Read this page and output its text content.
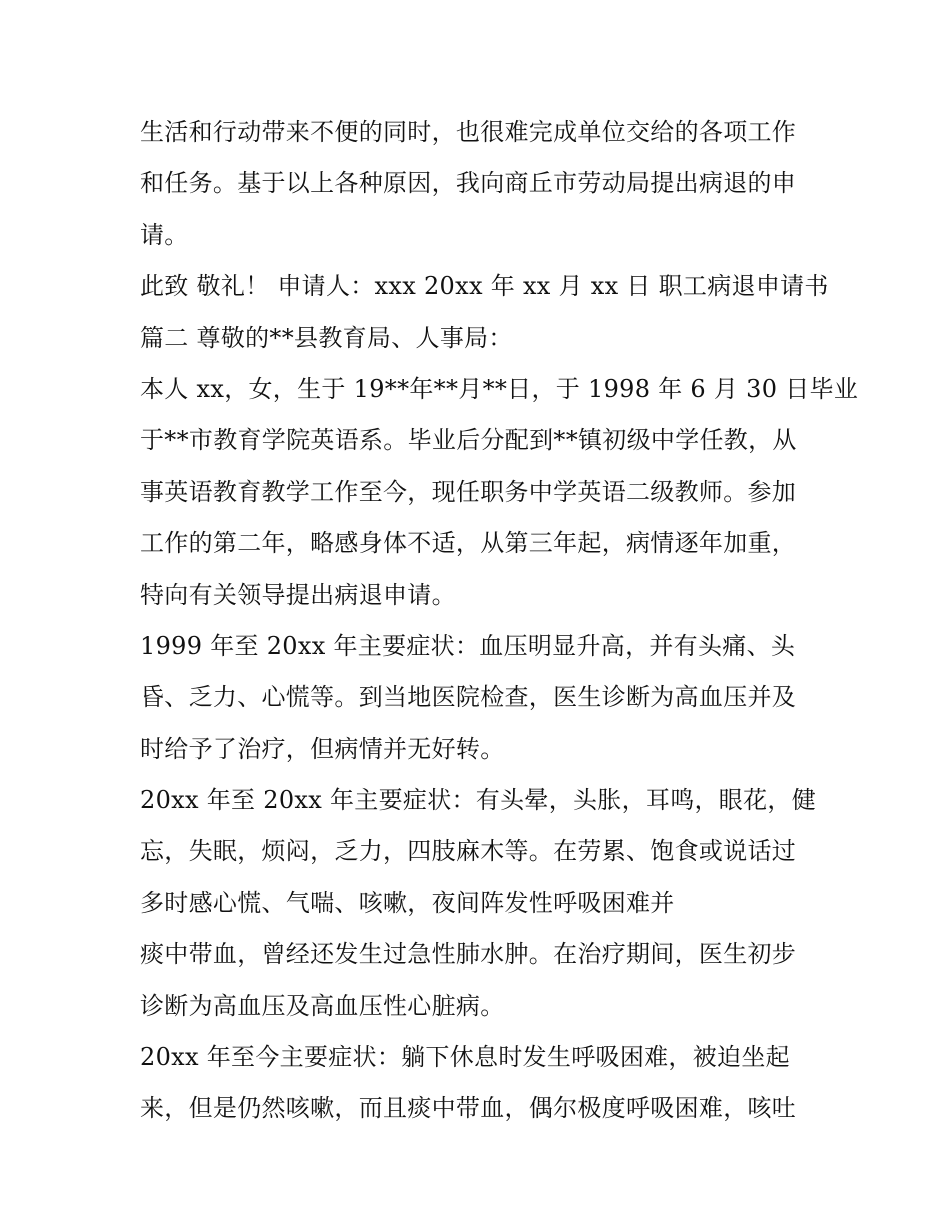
生活和行动带来不便的同时，也很难完成单位交给的各项工作
和任务。基于以上各种原因，我向商丘市劳动局提出病退的申
请。
此致 敬礼！ 申请人：xxx 20xx 年 xx 月 xx 日 职工病退申请书
篇二 尊敬的**县教育局、人事局：
本人 xx，女，生于 19**年**月**日，于 1998 年 6 月 30 日毕业
于**市教育学院英语系。毕业后分配到**镇初级中学任教，从
事英语教育教学工作至今，现任职务中学英语二级教师。参加
工作的第二年，略感身体不适，从第三年起，病情逐年加重，
特向有关领导提出病退申请。
1999 年至 20xx 年主要症状：血压明显升高，并有头痛、头
昏、乏力、心慌等。到当地医院检查，医生诊断为高血压并及
时给予了治疗，但病情并无好转。
20xx 年至 20xx 年主要症状：有头晕，头胀，耳鸣，眼花，健
忘，失眠，烦闷，乏力，四肢麻木等。在劳累、饱食或说话过
多时感心慌、气喘、咳嗽，夜间阵发性呼吸困难并
痰中带血，曾经还发生过急性肺水肿。在治疗期间，医生初步
诊断为高血压及高血压性心脏病。
20xx 年至今主要症状：躺下休息时发生呼吸困难，被迫坐起
来，但是仍然咳嗽，而且痰中带血，偶尔极度呼吸困难，咳吐
